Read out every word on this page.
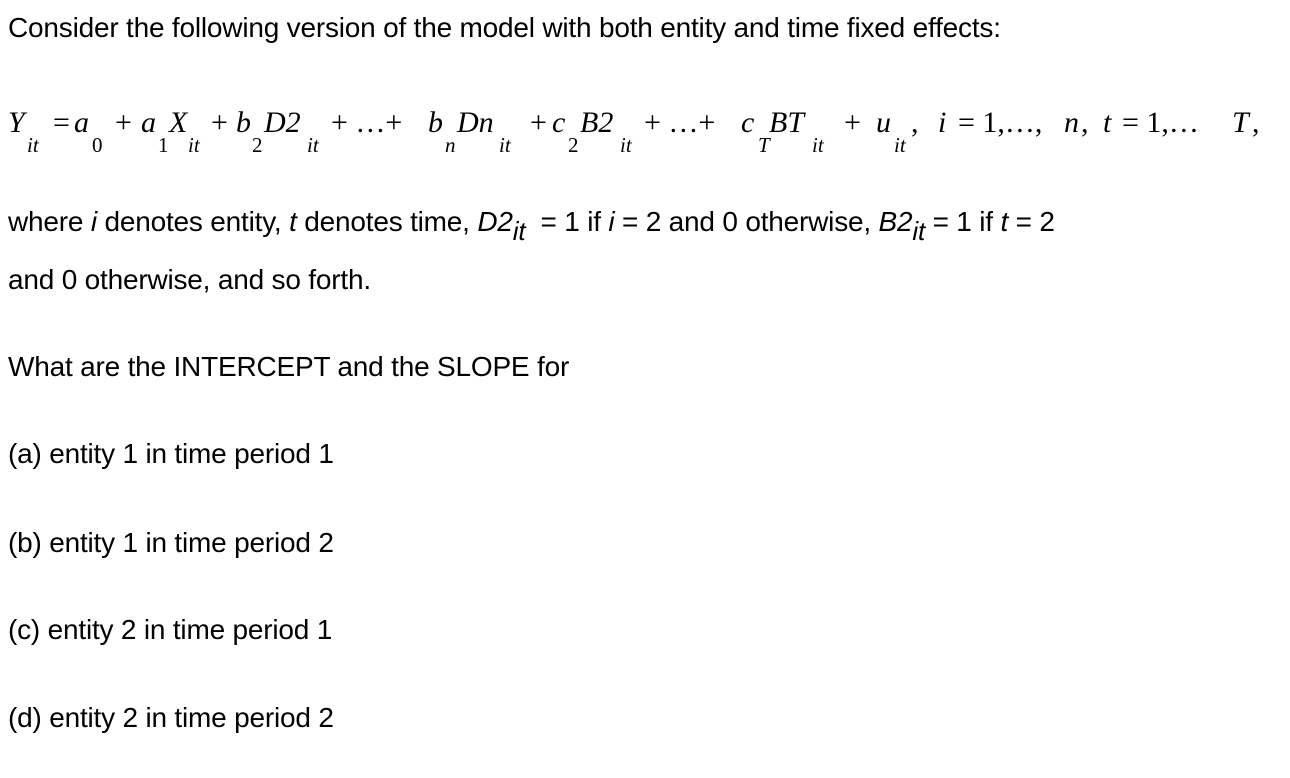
Consider the following version of the model with both entity and time fixed effects:
Y
it
= a
0
+ a
1
X
it
+ b
2
D2
it
+ …+ b
n
Dn
it
+ c
2
B2
it
+ …+ c
T
BT
it
+ u
it
, i = 1,…, n , t = 1,… T ,
where i denotes entity, t denotes time, D2it  = 1 if i = 2 and 0 otherwise, B2it = 1 if t = 2
and 0 otherwise, and so forth.
What are the INTERCEPT and the SLOPE for
(a) entity 1 in time period 1
(b) entity 1 in time period 2
(c) entity 2 in time period 1
(d) entity 2 in time period 2
